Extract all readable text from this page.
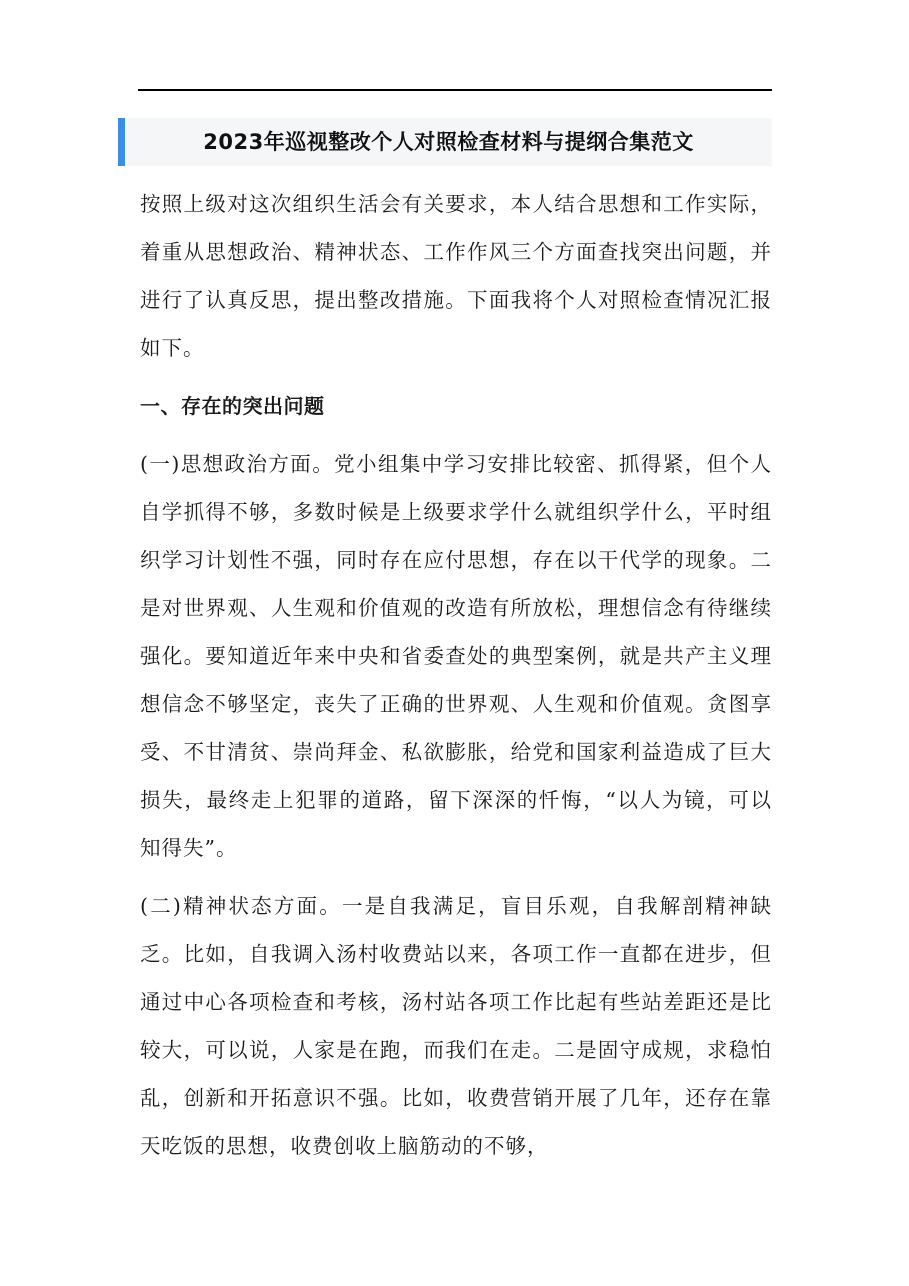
2023年巡视整改个人对照检查材料与提纲合集范文

按照上级对这次组织生活会有关要求，本人结合思想和工作实际，着重从思想政治、精神状态、工作作风三个方面查找突出问题，并进行了认真反思，提出整改措施。下面我将个人对照检查情况汇报如下。

一、存在的突出问题

(一)思想政治方面。党小组集中学习安排比较密、抓得紧，但个人自学抓得不够，多数时候是上级要求学什么就组织学什么，平时组织学习计划性不强，同时存在应付思想，存在以干代学的现象。二是对世界观、人生观和价值观的改造有所放松，理想信念有待继续强化。要知道近年来中央和省委查处的典型案例，就是共产主义理想信念不够坚定，丧失了正确的世界观、人生观和价值观。贪图享受、不甘清贫、崇尚拜金、私欲膨胀，给党和国家利益造成了巨大损失，最终走上犯罪的道路，留下深深的忏悔，“以人为镜，可以知得失”。

(二)精神状态方面。一是自我满足，盲目乐观，自我解剖精神缺乏。比如，自我调入汤村收费站以来，各项工作一直都在进步，但通过中心各项检查和考核，汤村站各项工作比起有些站差距还是比较大，可以说，人家是在跑，而我们在走。二是固守成规，求稳怕乱，创新和开拓意识不强。比如，收费营销开展了几年，还存在靠天吃饭的思想，收费创收上脑筋动的不够，
